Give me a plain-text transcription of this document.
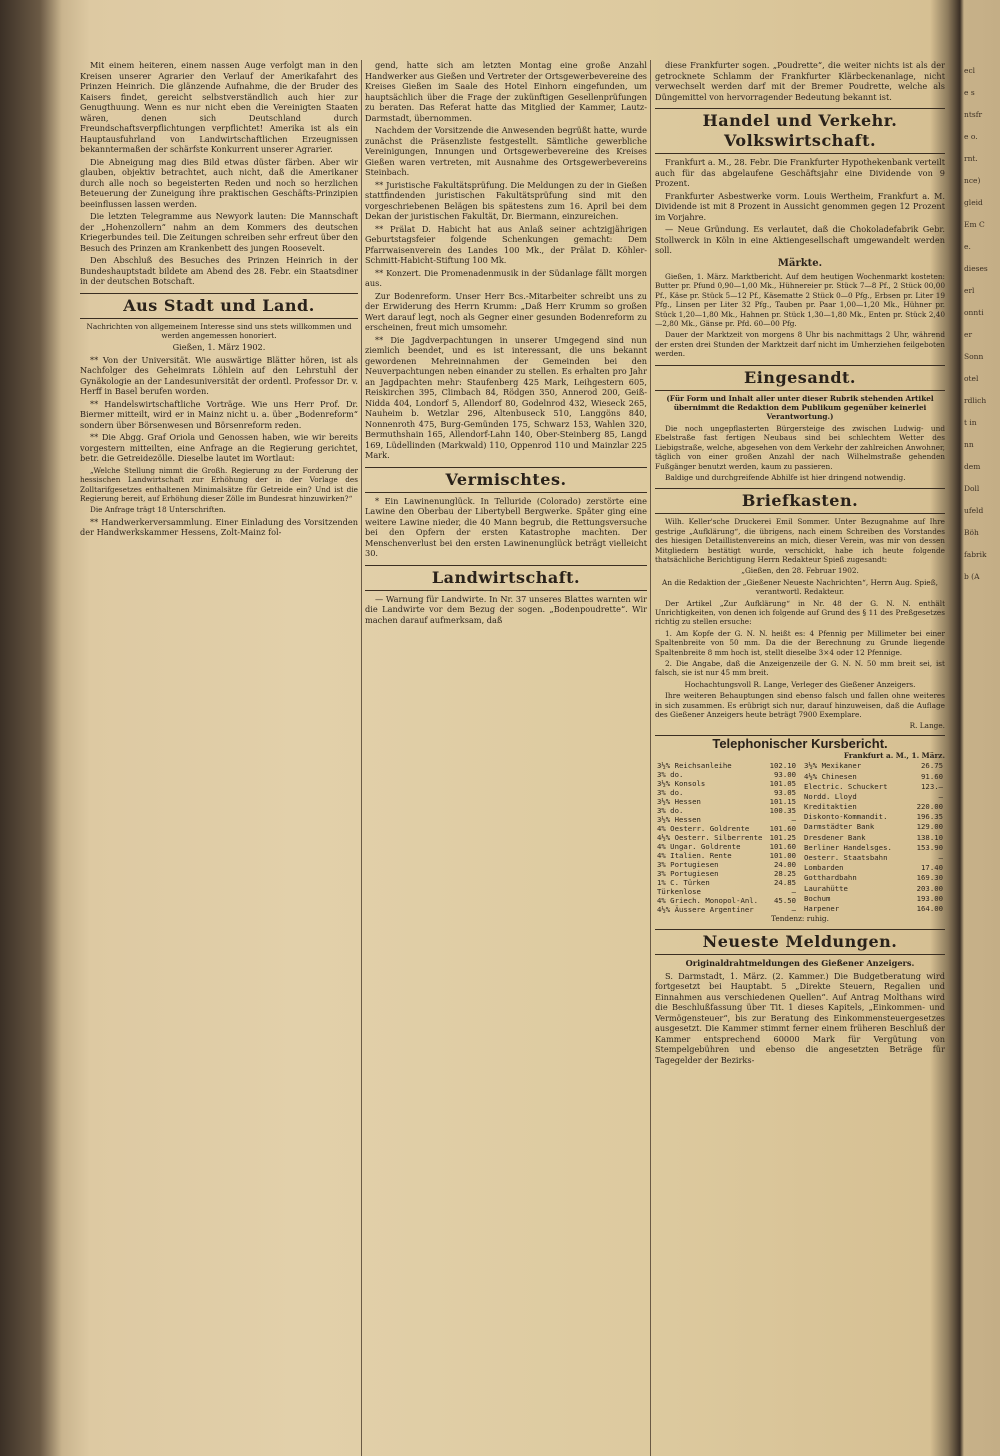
Mit einem heiteren, einem nassen Auge verfolgt man in den Kreisen unserer Agrarier den Verlauf der Amerikafahrt des Prinzen Heinrich. Die glänzende Aufnahme, die der Bruder des Kaisers findet, gereicht selbstverständlich auch hier zur Genugthuung. Wenn es nur nicht eben die Vereinigten Staaten wären, denen sich Deutschland durch Freundschaftsverpflichtungen verpflichtet! Amerika ist als ein Hauptausfuhrland von Landwirtschaftlichen Erzeugnissen bekanntermaßen der schärfste Konkurrent unserer Agrarier.

Die Abneigung mag dies Bild etwas düster färben. Aber wir glauben, objektiv betrachtet, auch nicht, daß die Amerikaner durch alle noch so begeisterten Reden und noch so herzlichen Beteuerung der Zuneigung ihre praktischen Geschäfts-Prinzipien beeinflussen lassen werden.

Die letzten Telegramme aus Newyork lauten: Die Mannschaft der „Hohenzollern“ nahm an dem Kommers des deutschen Kriegerbundes teil. Die Zeitungen schreiben sehr erfreut über den Besuch des Prinzen am Krankenbett des jungen Roosevelt.

Den Abschluß des Besuches des Prinzen Heinrich in der Bundeshauptstadt bildete am Abend des 28. Febr. ein Staatsdiner in der deutschen Botschaft.

Aus Stadt und Land.

Nachrichten von allgemeinem Interesse sind uns stets willkommen und werden angemessen honoriert.

Gießen, 1. März 1902.

** Von der Universität. Wie auswärtige Blätter hören, ist als Nachfolger des Geheimrats Löhlein auf den Lehrstuhl der Gynäkologie an der Landesuniversität der ordentl. Professor Dr. v. Herff in Basel berufen worden.

** Handelswirtschaftliche Vorträge. Wie uns Herr Prof. Dr. Biermer mitteilt, wird er in Mainz nicht u. a. über „Bodenreform“ sondern über Börsenwesen und Börsenreform reden.

** Die Abgg. Graf Oriola und Genossen haben, wie wir bereits vorgestern mitteilten, eine Anfrage an die Regierung gerichtet, betr. die Getreidezölle. Dieselbe lautet im Wortlaut:

„Welche Stellung nimmt die Großh. Regierung zu der Forderung der hessischen Landwirtschaft zur Erhöhung der in der Vorlage des Zolltarifgesetzes enthaltenen Minimalsätze für Getreide ein? Und ist die Regierung bereit, auf Erhöhung dieser Zölle im Bundesrat hinzuwirken?“

Die Anfrage trägt 18 Unterschriften.

** Handwerkerversammlung. Einer Einladung des Vorsitzenden der Handwerkskammer Hessens, Zolt-Mainz fol-

gend, hatte sich am letzten Montag eine große Anzahl Handwerker aus Gießen und Vertreter der Ortsgewerbevereine des Kreises Gießen im Saale des Hotel Einhorn eingefunden, um hauptsächlich über die Frage der zukünftigen Gesellenprüfungen zu beraten. Das Referat hatte das Mitglied der Kammer, Lautz-Darmstadt, übernommen.

Nachdem der Vorsitzende die Anwesenden begrüßt hatte, wurde zunächst die Präsenzliste festgestellt. Sämtliche gewerbliche Vereinigungen, Innungen und Ortsgewerbevereine des Kreises Gießen waren vertreten, mit Ausnahme des Ortsgewerbevereins Steinbach.

** Juristische Fakultätsprüfung. Die Meldungen zu der in Gießen stattfindenden juristischen Fakultätsprüfung sind mit den vorgeschriebenen Belägen bis spätestens zum 16. April bei dem Dekan der juristischen Fakultät, Dr. Biermann, einzureichen.

** Prälat D. Habicht hat aus Anlaß seiner achtzigjährigen Geburtstagsfeier folgende Schenkungen gemacht: Dem Pfarrwaisenverein des Landes 100 Mk., der Prälat D. Köhler-Schmitt-Habicht-Stiftung 100 Mk.

** Konzert. Die Promenadenmusik in der Südanlage fällt morgen aus.

Zur Bodenreform. Unser Herr Bcs.-Mitarbeiter schreibt uns zu der Erwiderung des Herrn Krumm: „Daß Herr Krumm so großen Wert darauf legt, noch als Gegner einer gesunden Bodenreform zu erscheinen, freut mich umsomehr.

** Die Jagdverpachtungen in unserer Umgegend sind nun ziemlich beendet, und es ist interessant, die uns bekannt gewordenen Mehreinnahmen der Gemeinden bei den Neuverpachtungen neben einander zu stellen. Es erhalten pro Jahr an Jagdpachten mehr: Staufenberg 425 Mark, Leihgestern 605, Reiskirchen 395, Climbach 84, Rödgen 350, Annerod 200, Geiß-Nidda 404, Londorf 5, Allendorf 80, Godelnrod 432, Wieseck 265, Nauheim b. Wetzlar 296, Altenbuseck 510, Langgöns 840, Nonnenroth 475, Burg-Gemünden 175, Schwarz 153, Wahlen 320, Bermuthshain 165, Allendorf-Lahn 140, Ober-Steinberg 85, Langd 169, Lüdellinden (Markwald) 110, Oppenrod 110 und Mainzlar 225 Mark.

Vermischtes.

* Ein Lawinenunglück. In Telluride (Colorado) zerstörte eine Lawine den Oberbau der Libertybell Bergwerke. Später ging eine weitere Lawine nieder, die 40 Mann begrub, die Rettungsversuche bei den Opfern der ersten Katastrophe machten. Der Menschenverlust bei den ersten Lawinenunglück beträgt vielleicht 30.

Landwirtschaft.

— Warnung für Landwirte. In Nr. 37 unseres Blattes warnten wir die Landwirte vor dem Bezug der sogen. „Bodenpoudrette“. Wir machen darauf aufmerksam, daß

diese Frankfurter sogen. „Poudrette“, die weiter nichts ist als der getrocknete Schlamm der Frankfurter Klärbeckenanlage, nicht verwechselt werden darf mit der Bremer Poudrette, welche als Düngemittel von hervorragender Bedeutung bekannt ist.

Handel und Verkehr. Volkswirtschaft.

Frankfurt a. M., 28. Febr. Die Frankfurter Hypothekenbank verteilt auch für das abgelaufene Geschäftsjahr eine Dividende von 9 Prozent.

Frankfurter Asbestwerke vorm. Louis Wertheim, Frankfurt a. M. Dividende ist mit 8 Prozent in Aussicht genommen gegen 12 Prozent im Vorjahre.

— Neue Gründung. Es verlautet, daß die Chokoladefabrik Gebr. Stollwerck in Köln in eine Aktiengesellschaft umgewandelt werden soll.

Märkte.

Gießen, 1. März. Marktbericht. Auf dem heutigen Wochenmarkt kosteten: Butter pr. Pfund 0,90—1,00 Mk., Hühnereier pr. Stück 7—8 Pf., 2 Stück 00,00 Pf., Käse pr. Stück 5—12 Pf., Käsematte 2 Stück 0—0 Pfg., Erbsen pr. Liter 19 Pfg., Linsen per Liter 32 Pfg., Tauben pr. Paar 1,00—1,20 Mk., Hühner pr. Stück 1,20—1,80 Mk., Hahnen pr. Stück 1,30—1,80 Mk., Enten pr. Stück 2,40—2,80 Mk., Gänse pr. Pfd. 60—00 Pfg.

Dauer der Marktzeit von morgens 8 Uhr bis nachmittags 2 Uhr, während der ersten drei Stunden der Marktzeit darf nicht im Umherziehen feilgeboten werden.

Eingesandt.

(Für Form und Inhalt aller unter dieser Rubrik stehenden Artikel übernimmt die Redaktion dem Publikum gegenüber keinerlei Verantwortung.)

Die noch ungepflasterten Bürgersteige des zwischen Ludwig- und Ebelstraße fast fertigen Neubaus sind bei schlechtem Wetter des Liebigstraße, welche, abgesehen von dem Verkehr der zahlreichen Anwohner, täglich von einer großen Anzahl der nach Wilhelmstraße gehenden Fußgänger benutzt werden, kaum zu passieren.

Baldige und durchgreifende Abhilfe ist hier dringend notwendig.

Briefkasten.

Wilh. Keller'sche Druckerei Emil Sommer. Unter Bezugnahme auf Ihre gestrige „Aufklärung“, die übrigens, nach einem Schreiben des Vorstandes des hiesigen Detaillistenvereins an mich, dieser Verein, was mir von dessen Mitgliedern bestätigt wurde, verschickt, habe ich heute folgende thatsächliche Berichtigung Herrn Redakteur Spieß zugesandt:

„Gießen, den 28. Februar 1902.

An die Redaktion der „Gießener Neueste Nachrichten“, Herrn Aug. Spieß, verantwortl. Redakteur.

Der Artikel „Zur Aufklärung“ in Nr. 48 der G. N. N. enthält Unrichtigkeiten, von denen ich folgende auf Grund des § 11 des Preßgesetzes richtig zu stellen ersuche:

1. Am Kopfe der G. N. N. heißt es: 4 Pfennig per Millimeter bei einer Spaltenbreite von 50 mm. Da die der Berechnung zu Grunde liegende Spaltenbreite 8 mm hoch ist, stellt dieselbe 3×4 oder 12 Pfennige.

2. Die Angabe, daß die Anzeigenzeile der G. N. N. 50 mm breit sei, ist falsch, sie ist nur 45 mm breit.

Hochachtungsvoll R. Lange, Verleger des Gießener Anzeigers.

Ihre weiteren Behauptungen sind ebenso falsch und fallen ohne weiteres in sich zusammen. Es erübrigt sich nur, darauf hinzuweisen, daß die Auflage des Gießener Anzeigers heute beträgt 7900 Exemplare.

R. Lange.

Telephonischer Kursbericht.
Frankfurt a. M., 1. März.
3½% Reichsanleihe	102.10
3% do.	93.00
3½% Konsols	101.05
3% do.	93.05
3½% Hessen	101.15
3% do.	100.35
3½% Hessen	—
4% Oesterr. Goldrente	101.60
4½% Oesterr. Silberrente	101.25
4% Ungar. Goldrente	101.60
4% Italien. Rente	101.00
3% Portugiesen	24.00
3% Portugiesen	28.25
1% C. Türken	24.85
Türkenlose	—
4% Griech. Monopol-Anl.	45.50
4½% Äussere Argentiner	—
3½% Mexikaner	26.75
4½% Chinesen	91.60
Electric. Schuckert	123.—
Nordd. Lloyd	—
Kreditaktien	220.00
Diskonto-Kommandit.	196.35
Darmstädter Bank	129.00
Dresdener Bank	138.10
Berliner Handelsges.	153.90
Oesterr. Staatsbahn	—
Lombarden	17.40
Gotthardbahn	169.30
Laurahütte	203.00
Bochum	193.00
Harpener	164.00
Tendenz: ruhig.
Neueste Meldungen.

Originaldrahtmeldungen des Gießener Anzeigers.

S. Darmstadt, 1. März. (2. Kammer.) Die Budgetberatung wird fortgesetzt bei Hauptabt. 5 „Direkte Steuern, Regalien und Einnahmen aus verschiedenen Quellen“. Auf Antrag Molthans wird die Beschlußfassung über Tit. 1 dieses Kapitels, „Einkommen- und Vermögensteuer“, bis zur Beratung des Einkommensteuergesetzes ausgesetzt. Die Kammer stimmt ferner einem früheren Beschluß der Kammer entsprechend 60000 Mark für Vergütung von Stempelgebühren und ebenso die angesetzten Beträge für Tagegelder der Bezirks-

ecl
e s
ntsfr
e o.
rnt.
nce)
gleid
Em C
e.
dieses
erl
onnti
er
Sonn
otel
rdlich
t in
nn
dem
Doll
ufeld
Böh
fabrik
b (A
